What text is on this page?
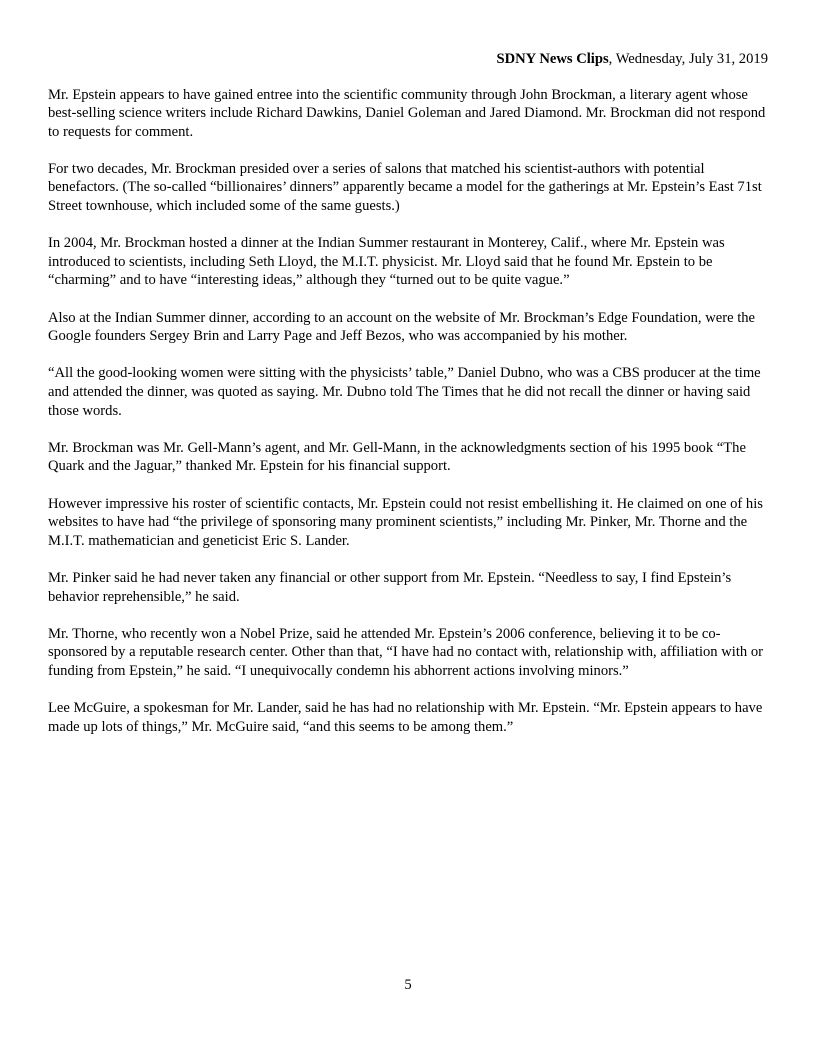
SDNY News Clips, Wednesday, July 31, 2019

Mr. Epstein appears to have gained entree into the scientific community through John Brockman, a literary agent whose best-selling science writers include Richard Dawkins, Daniel Goleman and Jared Diamond. Mr. Brockman did not respond to requests for comment.

For two decades, Mr. Brockman presided over a series of salons that matched his scientist-authors with potential benefactors. (The so-called “billionaires’ dinners” apparently became a model for the gatherings at Mr. Epstein’s East 71st Street townhouse, which included some of the same guests.)

In 2004, Mr. Brockman hosted a dinner at the Indian Summer restaurant in Monterey, Calif., where Mr. Epstein was introduced to scientists, including Seth Lloyd, the M.I.T. physicist. Mr. Lloyd said that he found Mr. Epstein to be “charming” and to have “interesting ideas,” although they “turned out to be quite vague.”

Also at the Indian Summer dinner, according to an account on the website of Mr. Brockman’s Edge Foundation, were the Google founders Sergey Brin and Larry Page and Jeff Bezos, who was accompanied by his mother.

“All the good-looking women were sitting with the physicists’ table,” Daniel Dubno, who was a CBS producer at the time and attended the dinner, was quoted as saying. Mr. Dubno told The Times that he did not recall the dinner or having said those words.

Mr. Brockman was Mr. Gell-Mann’s agent, and Mr. Gell-Mann, in the acknowledgments section of his 1995 book “The Quark and the Jaguar,” thanked Mr. Epstein for his financial support.

However impressive his roster of scientific contacts, Mr. Epstein could not resist embellishing it. He claimed on one of his websites to have had “the privilege of sponsoring many prominent scientists,” including Mr. Pinker, Mr. Thorne and the M.I.T. mathematician and geneticist Eric S. Lander.

Mr. Pinker said he had never taken any financial or other support from Mr. Epstein. “Needless to say, I find Epstein’s behavior reprehensible,” he said.

Mr. Thorne, who recently won a Nobel Prize, said he attended Mr. Epstein’s 2006 conference, believing it to be co-sponsored by a reputable research center. Other than that, “I have had no contact with, relationship with, affiliation with or funding from Epstein,” he said. “I unequivocally condemn his abhorrent actions involving minors.”

Lee McGuire, a spokesman for Mr. Lander, said he has had no relationship with Mr. Epstein. “Mr. Epstein appears to have made up lots of things,” Mr. McGuire said, “and this seems to be among them.”

5
